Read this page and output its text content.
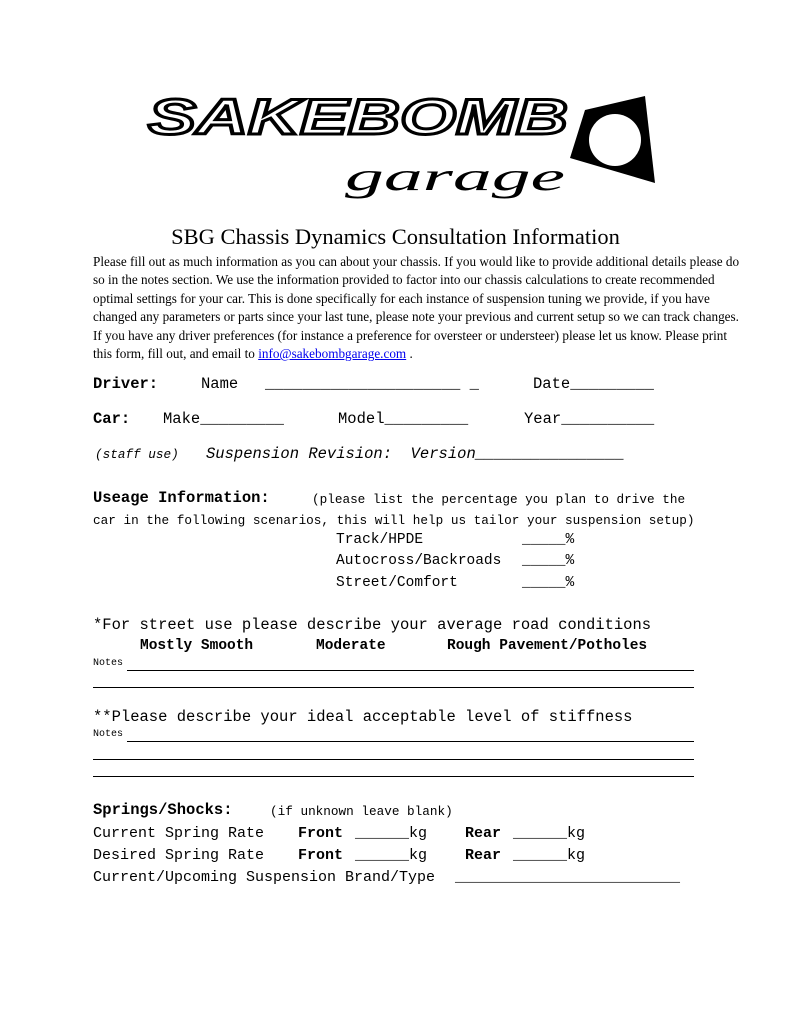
SAKEBOMB
garage
SBG Chassis Dynamics Consultation Information
Please fill out as much information as you can about your chassis. If you would like to provide additional details please do so in the notes section. We use the information provided to factor into our chassis calculations to create recommended optimal settings for your car. This is done specifically for each instance of suspension tuning we provide, if you have changed any parameters or parts since your last tune, please note your previous and current setup so we can track changes. If you have any driver preferences (for instance a preference for oversteer or understeer) please let us know. Please print this form, fill out, and email to info@sakebombgarage.com .
Driver:	Name _____________________ _	Date_________
Car: Make_________	Model_________	Year__________
(staff use) Suspension Revision:  Version________________
Useage Information:	(please list the percentage you plan to drive the
car in the following scenarios, this will help us tailor your suspension setup)
Track/HPDE	_____%
Autocross/Backroads _____%
Street/Comfort	_____%
*For street use please describe your average road conditions
Mostly Smooth	Moderate	Rough Pavement/Potholes
Notes
**Please describe your ideal acceptable level of stiffness
Notes
Springs/Shocks:	(if unknown leave blank)
Current Spring Rate Front ______kg	Rear ______kg
Desired Spring Rate Front ______kg	Rear ______kg
Current/Upcoming Suspension Brand/Type _________________________
